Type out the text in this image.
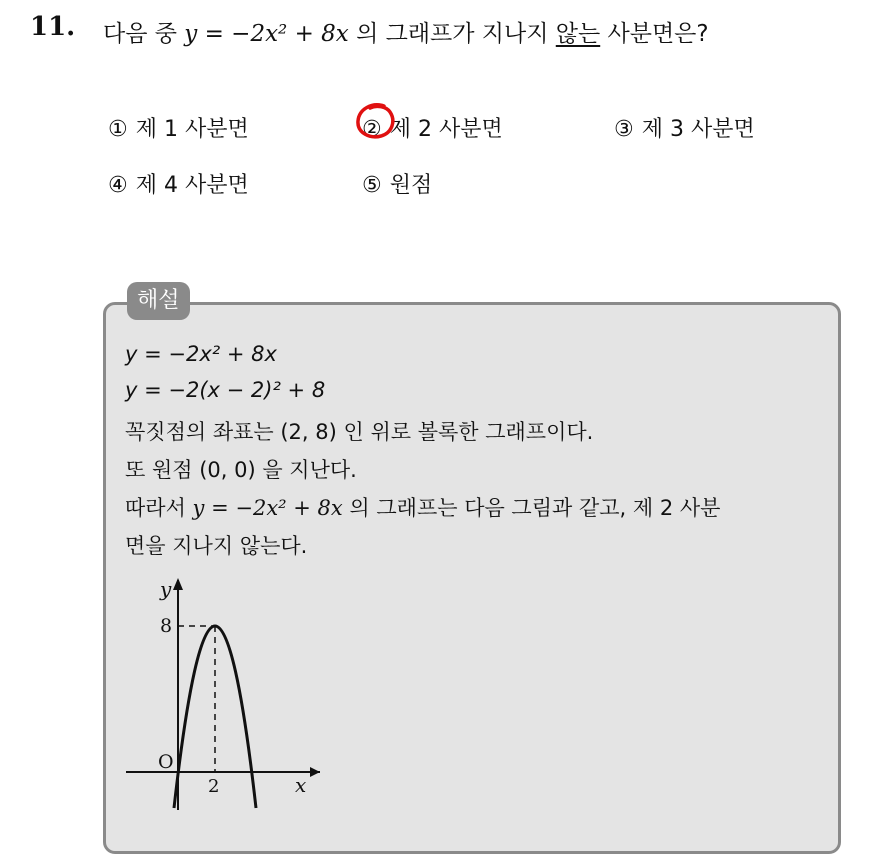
11. 다음 중 y = −2x² + 8x 의 그래프가 지나지 않는 사분면은?
① 제 1 사분면	② 제 2 사분면	③ 제 3 사분면
④ 제 4 사분면	⑤ 원점
해설
y = −2x² + 8x
y = −2(x − 2)² + 8
꼭짓점의 좌표는 (2, 8) 인 위로 볼록한 그래프이다.
또 원점 (0, 0) 을 지난다.
따라서 y = −2x² + 8x 의 그래프는 다음 그림과 같고, 제 2 사분
면을 지나지 않는다.
y
x
O
2
8
